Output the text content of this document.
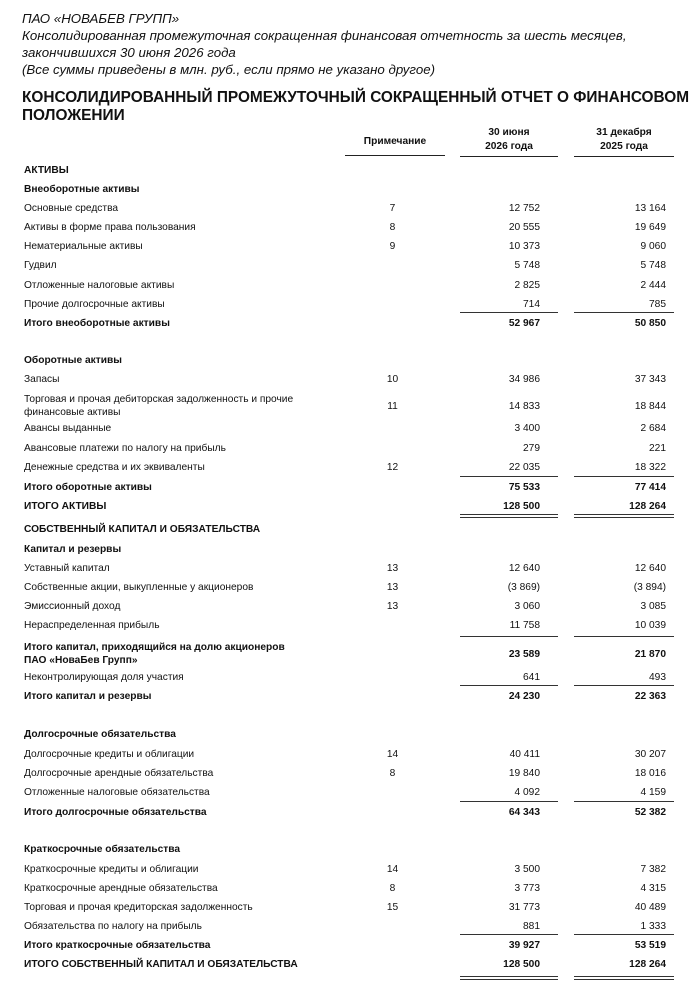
ПАО «НОВАБЕВ ГРУПП»
Консолидированная промежуточная сокращенная финансовая отчетность за шесть месяцев,
закончившихся 30 июня 2026 года
(Все суммы приведены в млн. руб., если прямо не указано другое)
КОНСОЛИДИРОВАННЫЙ ПРОМЕЖУТОЧНЫЙ СОКРАЩЕННЫЙ ОТЧЕТ О ФИНАНСОВОМ
ПОЛОЖЕНИИ
Примечание
30 июня
2026 года
31 декабря
2025 года
АКТИВЫ
Внеоборотные активы
Основные средства	7	12 752	13 164
Активы в форме права пользования	8	20 555	19 649
Нематериальные активы	9	10 373	9 060
Гудвил	5 748	5 748
Отложенные налоговые активы	2 825	2 444
Прочие долгосрочные активы	714	785
Итого внеоборотные активы	52 967	50 850
Оборотные активы
Запасы	10	34 986	37 343
Торговая и прочая дебиторская задолженность и прочие финансовые активы
11	14 833	18 844
Авансы выданные	3 400	2 684
Авансовые платежи по налогу на прибыль	279	221
Денежные средства и их эквиваленты	12	22 035	18 322
Итого оборотные активы	75 533	77 414
ИТОГО АКТИВЫ	128 500	128 264
СОБСТВЕННЫЙ КАПИТАЛ И ОБЯЗАТЕЛЬСТВА
Капитал и резервы
Уставный капитал	13	12 640	12 640
Собственные акции, выкупленные у акционеров	13	(3 869)	(3 894)
Эмиссионный доход	13	3 060	3 085
Нераспределенная прибыль	11 758	10 039
Итого капитал, приходящийся на долю акционеров ПАО «НоваБев Групп»
23 589	21 870
Неконтролирующая доля участия	641	493
Итого капитал и резервы	24 230	22 363
Долгосрочные обязательства
Долгосрочные кредиты и облигации	14	40 411	30 207
Долгосрочные арендные обязательства	8	19 840	18 016
Отложенные налоговые обязательства	4 092	4 159
Итого долгосрочные обязательства	64 343	52 382
Краткосрочные обязательства
Краткосрочные кредиты и облигации	14	3 500	7 382
Краткосрочные арендные обязательства	8	3 773	4 315
Торговая и прочая кредиторская задолженность	15	31 773	40 489
Обязательства по налогу на прибыль	881	1 333
Итого краткосрочные обязательства	39 927	53 519
ИТОГО СОБСТВЕННЫЙ КАПИТАЛ И ОБЯЗАТЕЛЬСТВА	128 500	128 264
